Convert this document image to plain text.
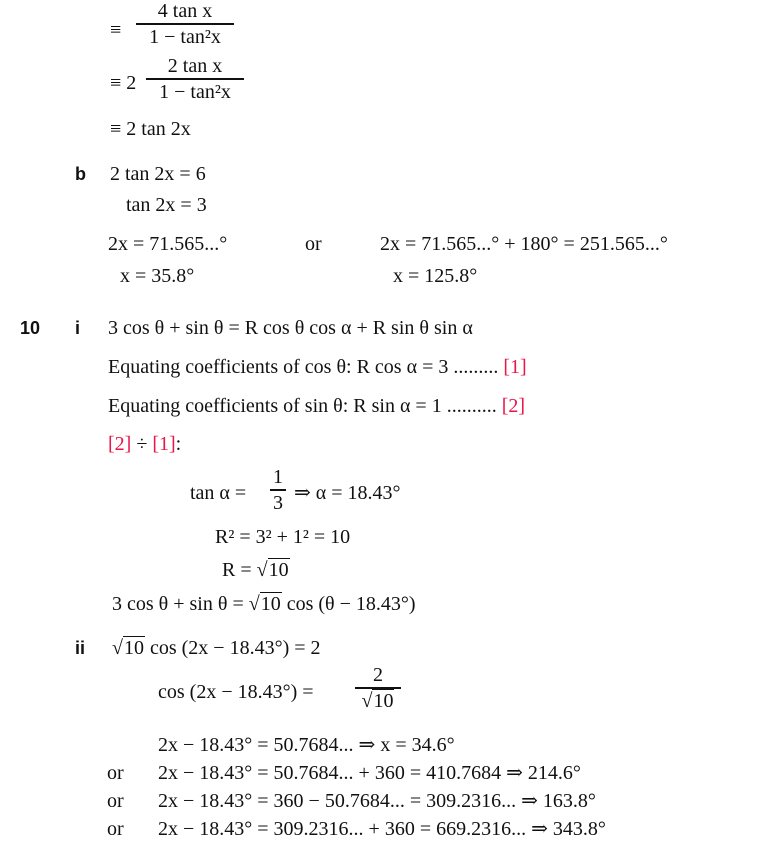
≡
4 tan x
1 − tan²x
≡ 2
2 tan x
1 − tan²x
≡ 2 tan 2x
b 2 tan 2x = 6
tan 2x = 3
2x = 71.565...°	or	2x = 71.565...° + 180° = 251.565...°
x = 35.8°	x = 125.8°
10 i 3 cos θ + sin θ = R cos θ cos α + R sin θ sin α
Equating coefficients of cos θ: R cos α = 3 ......... [1]
Equating coefficients of sin θ: R sin α = 1 .......... [2]
[2] ÷ [1]:
tan α =
1
3 ⇒ α = 18.43°
R² = 3² + 1² = 10
R = √10
3 cos θ + sin θ = √10 cos (θ − 18.43°)
ii √10 cos (2x − 18.43°) = 2
cos (2x − 18.43°) =
2
√10
2x − 18.43° = 50.7684... ⇒ x = 34.6°
or 2x − 18.43° = 50.7684... + 360 = 410.7684 ⇒ 214.6°
or 2x − 18.43° = 360 − 50.7684... = 309.2316... ⇒ 163.8°
or 2x − 18.43° = 309.2316... + 360 = 669.2316... ⇒ 343.8°
